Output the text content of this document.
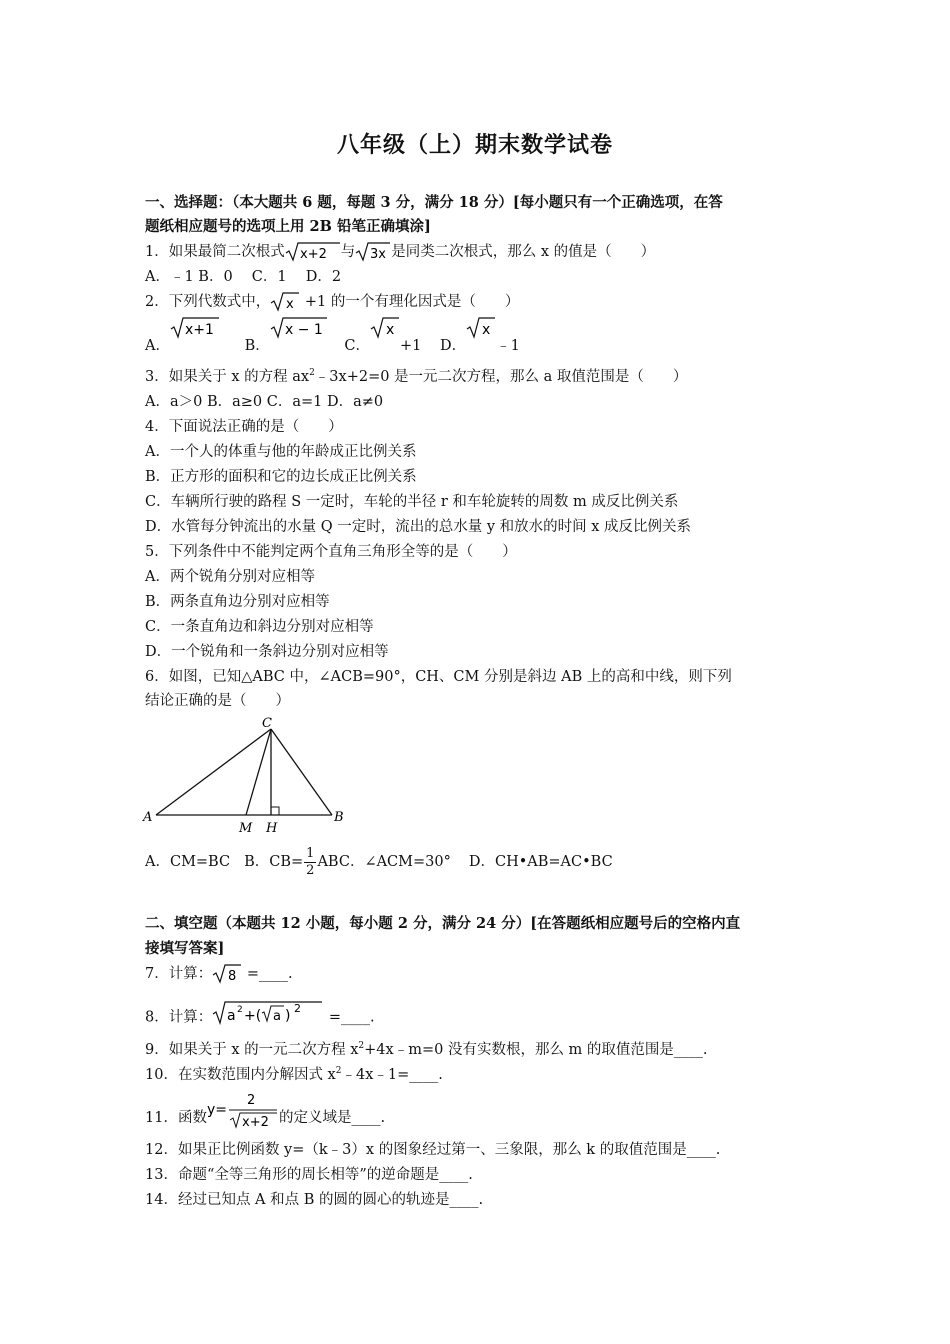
八年级（上）期末数学试卷
一、选择题：（本大题共 6 题，每题 3 分，满分 18 分）[每小题只有一个正确选项，在答
题纸相应题号的选项上用 2B 铅笔正确填涂]
1．如果最简二次根式 x+2 与 3x 是同类二次根式，那么 x 的值是（　　）
A．﹣1 B．0　 C．1　 D．2
2．下列代数式中， x +1 的一个有理化因式是（　　）
A．
x+1
B．
x − 1
C．
x
+1 D．
x
﹣1
3．如果关于 x 的方程 $ax^2﹣3x+2=0$ 是一元二次方程，那么 a 取值范围是（　　）
A．a＞0 B．a≥0 C．a=1 D．a≠0
4．下面说法正确的是（　　）
A．一个人的体重与他的年龄成正比例关系
B．正方形的面积和它的边长成正比例关系
C．车辆所行驶的路程 S 一定时，车轮的半径 r 和车轮旋转的周数 m 成反比例关系
D．水管每分钟流出的水量 Q 一定时，流出的总水量 y 和放水的时间 x 成反比例关系
5．下列条件中不能判定两个直角三角形全等的是（　　）
A．两个锐角分别对应相等
B．两条直角边分别对应相等
C．一条直角边和斜边分别对应相等
D．一个锐角和一条斜边分别对应相等
6．如图，已知△ABC 中，∠ACB=90°，CH、CM 分别是斜边 AB 上的高和中线，则下列
结论正确的是（　　）
C
A	B
M H
A．CM=BC B．$CB= \frac{1}{2}$ ABC．∠ACM=30° D．CH•AB=AC•BC
二、填空题（本题共 12 小题，每小题 2 分，满分 24 分）[在答题纸相应题号后的空格内直
接填写答案]
7．计算： 8 =____.
8．计算： a 2 +( a ) 2
=____.
9．如果关于 x 的一元二次方程 $x^2+4x﹣m=0$ 没有实数根，那么 m 的取值范围是____.
10．在实数范围内分解因式 $x^2﹣4x﹣1=\_\_\_\_$.
11．函数 y=
2
x+2 的定义域是____.
12．如果正比例函数 y=（k﹣3）x 的图象经过第一、三象限，那么 k 的取值范围是____.
13．命题“全等三角形的周长相等”的逆命题是____.
14．经过已知点 A 和点 B 的圆的圆心的轨迹是____.
